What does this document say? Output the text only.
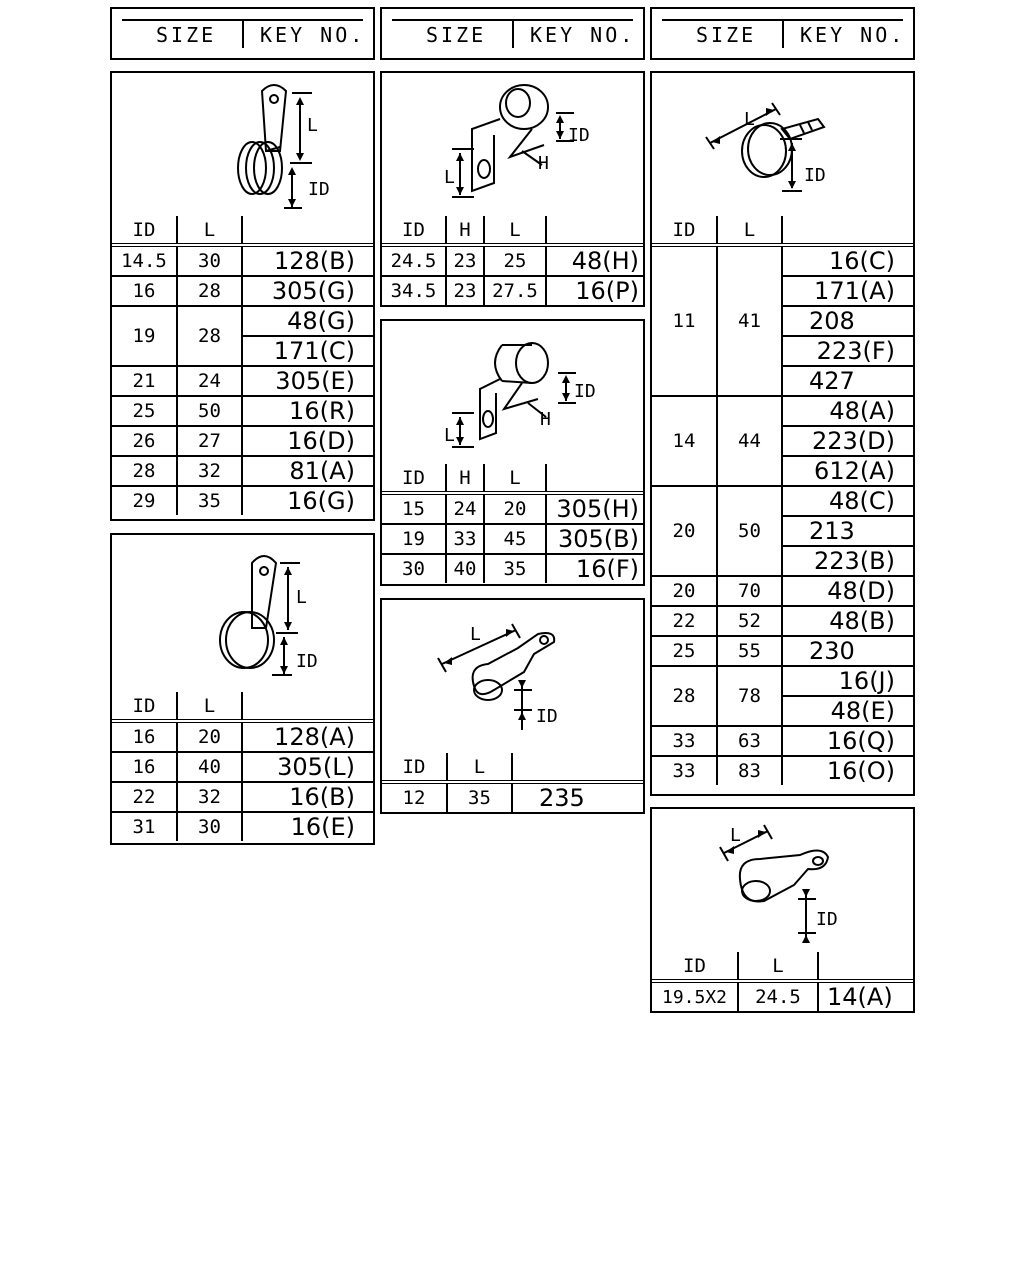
SIZE KEY NO.	SIZE KEY NO.	SIZE KEY NO.
L
ID
ID	L	
14.5	30	128(B)
16	28	305(G)
19	28	48(G)
		171(C)
21	24	305(E)
25	50	16(R)
26	27	16(D)
28	32	81(A)
29	35	16(G)
L
ID
ID	L	
16	20	128(A)
16	40	305(L)
22	32	16(B)
31	30	16(E)
L
H
ID
ID	H	L	
24.5	23	25	48(H)
34.5	23	27.5	16(P)
L
H
ID
ID	H	L	
15	24	20	305(H)
19	33	45	305(B)
30	40	35	16(F)
L
ID
ID	L	
12	35	235
L
ID
ID	L	
11	41	16(C)
		171(A)
		208
		223(F)
		427
14	44	48(A)
		223(D)
		612(A)
20	50	48(C)
		213
		223(B)
20	70	48(D)
22	52	48(B)
25	55	230
28	78	16(J)
		48(E)
33	63	16(Q)
33	83	16(O)
L
ID
ID	L	
19.5X2	24.5	14(A)
